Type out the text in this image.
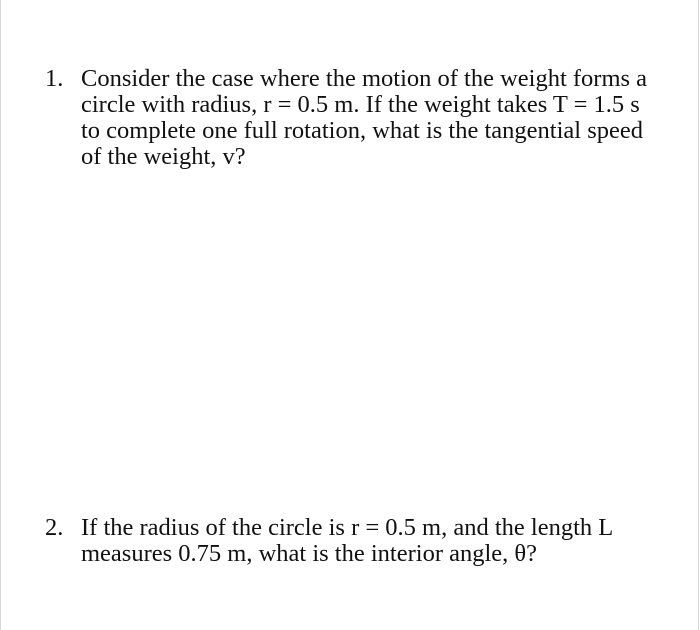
1. Consider the case where the motion of the weight forms a
circle with radius, r = 0.5 m. If the weight takes T = 1.5 s
to complete one full rotation, what is the tangential speed
of the weight, v?
2. If the radius of the circle is r = 0.5 m, and the length L
measures 0.75 m, what is the interior angle, θ?
